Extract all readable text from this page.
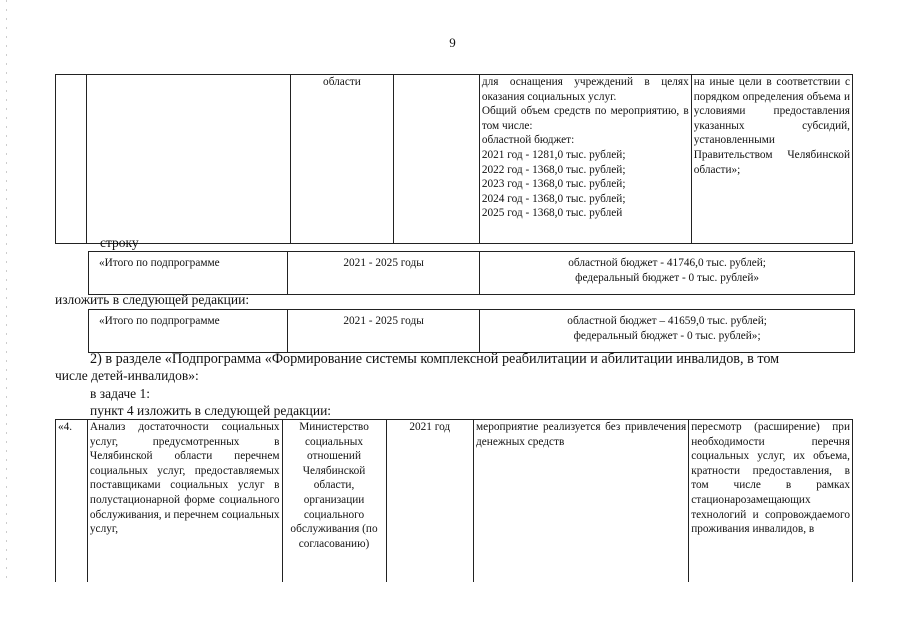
9
		области		для оснащения учреждений в целях оказания социальных услуг.
Общий объем средств по мероприятию, в том числе:
областной бюджет:
2021 год - 1281,0 тыс. рублей;
2022 год - 1368,0 тыс. рублей;
2023 год - 1368,0 тыс. рублей;
2024 год - 1368,0 тыс. рублей;
2025 год - 1368,0 тыс. рублей	на иные цели в соответствии с порядком определения объема и условиями предоставления указанных субсидий, установленными Правительством Челябинской области»;
строку
«Итого по подпрограмме	2021 - 2025 годы	областной бюджет - 41746,0 тыс. рублей;
федеральный бюджет - 0 тыс. рублей»
изложить в следующей редакции:
«Итого по подпрограмме	2021 - 2025 годы	областной бюджет – 41659,0 тыс. рублей;
федеральный бюджет - 0 тыс. рублей»;
2) в разделе «Подпрограмма «Формирование системы комплексной реабилитации и абилитации инвалидов, в том
числе детей-инвалидов»:
в задаче 1:
пункт 4 изложить в следующей редакции:
«4.	Анализ достаточности социальных услуг, предусмотренных в Челябинской области перечнем социальных услуг, предоставляемых поставщиками социальных услуг в полустационарной форме социального обслуживания, и перечнем социальных услуг,	Министерство социальных отношений Челябинской области, организации социального обслуживания (по согласованию)	2021 год	мероприятие реализуется без привлечения денежных средств	пересмотр (расширение) при необходимости перечня социальных услуг, их объема, кратности предоставления, в том числе в рамках стационарозамещающих технологий и сопровождаемого проживания инвалидов, в
